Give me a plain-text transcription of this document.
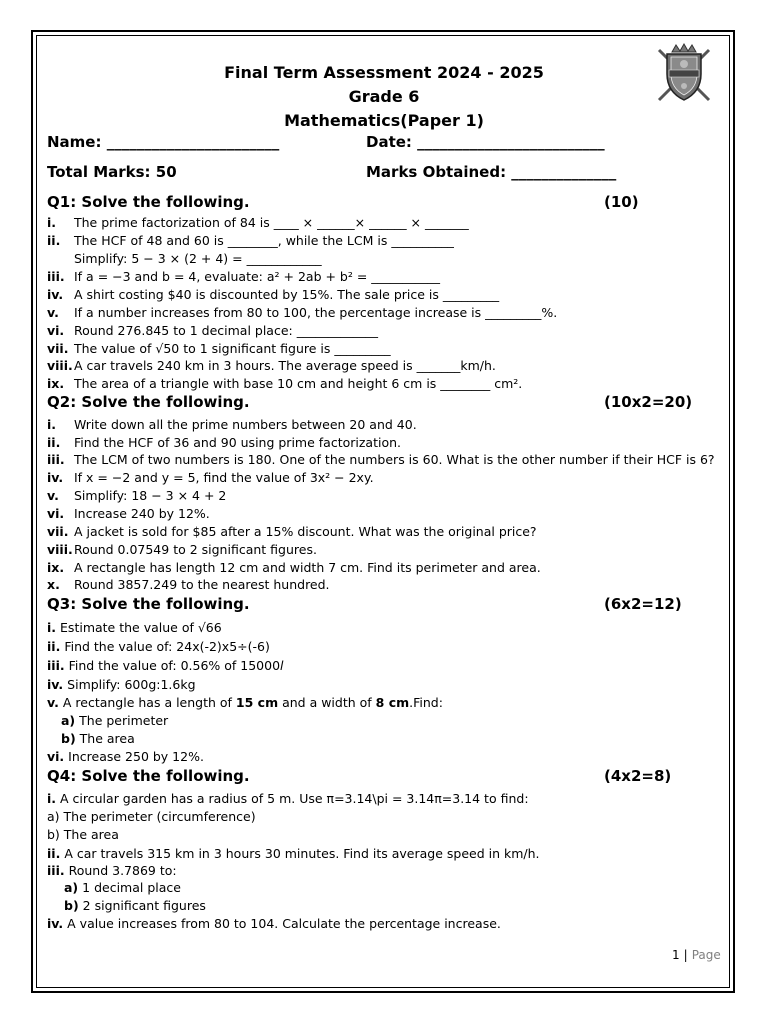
Final Term Assessment 2024 - 2025
Grade 6
Mathematics(Paper 1)
Name: _______________________	Date: _________________________
Total Marks: 50	Marks Obtained: ______________
Q1: Solve the following.	(10)
i. The prime factorization of 84 is ____ × ______× ______ × _______
ii. The HCF of 48 and 60 is ________, while the LCM is __________
Simplify: 5 − 3 × (2 + 4) = ____________
iii. If a = −3 and b = 4, evaluate: a² + 2ab + b² = ___________
iv. A shirt costing $40 is discounted by 15%. The sale price is _________
v. If a number increases from 80 to 100, the percentage increase is _________%.
vi. Round 276.845 to 1 decimal place: _____________
vii. The value of √50 to 1 significant figure is _________
viii.A car travels 240 km in 3 hours. The average speed is _______km/h.
ix. The area of a triangle with base 10 cm and height 6 cm is ________ cm².
Q2: Solve the following.	(10x2=20)
i. Write down all the prime numbers between 20 and 40.
ii. Find the HCF of 36 and 90 using prime factorization.
iii. The LCM of two numbers is 180. One of the numbers is 60. What is the other number if their HCF is 6?
iv. If x = −2 and y = 5, find the value of 3x² − 2xy.
v. Simplify: 18 − 3 × 4 + 2
vi. Increase 240 by 12%.
vii. A jacket is sold for $85 after a 15% discount. What was the original price?
viii.Round 0.07549 to 2 significant figures.
ix. A rectangle has length 12 cm and width 7 cm. Find its perimeter and area.
x. Round 3857.249 to the nearest hundred.
Q3: Solve the following.	(6x2=12)
i. Estimate the value of √66
ii. Find the value of: 24x(-2)x5÷(-6)
iii. Find the value of: 0.56% of 15000l
iv. Simplify: 600g:1.6kg
v. A rectangle has a length of 15 cm and a width of 8 cm.Find:
a) The perimeter
b) The area
vi. Increase 250 by 12%.
Q4: Solve the following.	(4x2=8)
i. A circular garden has a radius of 5 m. Use π=3.14\pi = 3.14π=3.14 to find:
a) The perimeter (circumference)
b) The area
ii. A car travels 315 km in 3 hours 30 minutes. Find its average speed in km/h.
iii. Round 3.7869 to:
a) 1 decimal place
b) 2 significant figures
iv. A value increases from 80 to 104. Calculate the percentage increase.
1 | Page
